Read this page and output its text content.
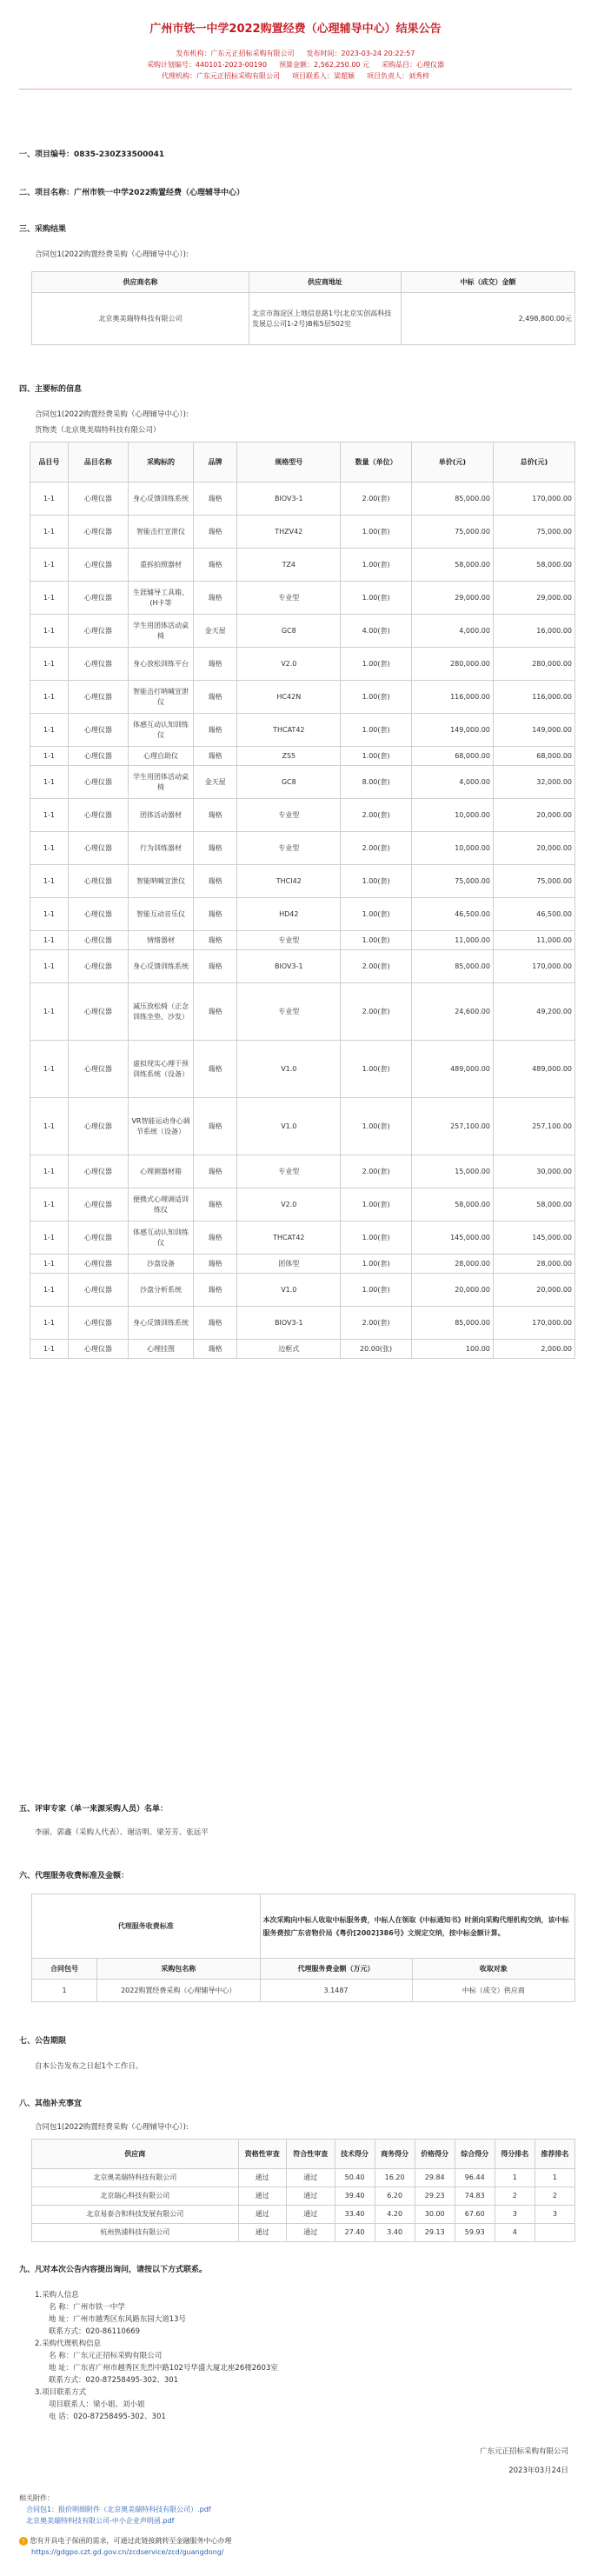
广州市铁一中学2022购置经费（心理辅导中心）结果公告
发布机构：广东元正招标采购有限公司 发布时间：2023-03-24 20:22:57
采购计划编号：440101-2023-00190 预算金额：2,562,250.00 元 采购品目：心理仪器
代理机构：广东元正招标采购有限公司 项目联系人：梁超颖 项目负责人：刘秀梓
一、项目编号：0835-230Z33500041
二、项目名称：广州市铁一中学2022购置经费（心理辅导中心）
三、采购结果
合同包1(2022购置经费采购（心理辅导中心）):
供应商名称	供应商地址	中标（成交）金额
北京奥美瑞特科技有限公司	北京市海淀区上地信息路1号(北京实创高科技发展总公司1-2号)B栋5层502室	2,498,800.00元
四、主要标的信息
合同包1(2022购置经费采购（心理辅导中心）):
货物类（北京奥美瑞特科技有限公司）
品目号	品目名称	采购标的	品牌	规格型号	数量（单位）	单价(元)	总价(元)
1-1	心理仪器	身心反馈训练系统	瑞格	BIOV3-1	2.00(套)	85,000.00	170,000.00
1-1	心理仪器	智能击打宣泄仪	瑞格	THZV42	1.00(套)	75,000.00	75,000.00
1-1	心理仪器	重拆拍照器材	瑞格	TZ4	1.00(套)	58,000.00	58,000.00
1-1	心理仪器	生涯辅导工具箱、(H卡等	瑞格	专业型	1.00(套)	29,000.00	29,000.00
1-1	心理仪器	学生用团体活动桌 椅	金天屋	GC8	4.00(套)	4,000.00	16,000.00
1-1	心理仪器	身心放松训练平台	瑞格	V2.0	1.00(套)	280,000.00	280,000.00
1-1	心理仪器	智能击打呐喊宣泄仪	瑞格	HC42N	1.00(套)	116,000.00	116,000.00
1-1	心理仪器	体感互动认知训练 仪	瑞格	THCAT42	1.00(套)	149,000.00	149,000.00
1-1	心理仪器	心理自助仪	瑞格	ZS5	1.00(套)	68,000.00	68,000.00
1-1	心理仪器	学生用团体活动桌 椅	金天屋	GC8	8.00(套)	4,000.00	32,000.00
1-1	心理仪器	团体活动器材	瑞格	专业型	2.00(套)	10,000.00	20,000.00
1-1	心理仪器	行为训练器材	瑞格	专业型	2.00(套)	10,000.00	20,000.00
1-1	心理仪器	智能呐喊宣泄仪	瑞格	THCI42	1.00(套)	75,000.00	75,000.00
1-1	心理仪器	智能互动音乐仪	瑞格	HD42	1.00(套)	46,500.00	46,500.00
1-1	心理仪器	情绪器材	瑞格	专业型	1.00(套)	11,000.00	11,000.00
1-1	心理仪器	身心反馈训练系统	瑞格	BIOV3-1	2.00(套)	85,000.00	170,000.00
1-1	心理仪器	减压放松椅（正念 训练坐垫、沙发）	瑞格	专业型	2.00(套)	24,600.00	49,200.00
1-1	心理仪器	虚拟现实心理干预 训练系统（设备）	瑞格	V1.0	1.00(套)	489,000.00	489,000.00
1-1	心理仪器	VR智能运动身心调 节系统（设备）	瑞格	V1.0	1.00(套)	257,100.00	257,100.00
1-1	心理仪器	心理测器材箱	瑞格	专业型	2.00(套)	15,000.00	30,000.00
1-1	心理仪器	便携式心理调适训 练仪	瑞格	V2.0	1.00(套)	58,000.00	58,000.00
1-1	心理仪器	体感互动认知训练 仪	瑞格	THCAT42	1.00(套)	145,000.00	145,000.00
1-1	心理仪器	沙盘设备	瑞格	团体型	1.00(套)	28,000.00	28,000.00
1-1	心理仪器	沙盘分析系统	瑞格	V1.0	1.00(套)	20,000.00	20,000.00
1-1	心理仪器	身心反馈训练系统	瑞格	BIOV3-1	2.00(套)	85,000.00	170,000.00
1-1	心理仪器	心理挂图	瑞格	边框式	20.00(张)	100.00	2,000.00
五、评审专家（单一来源采购人员）名单：
李丽、郭鑫（采购人代表）、谢洁明、梁芳芳、张远平
六、代理服务收费标准及金额：
代理服务收费标准		本次采购向中标人收取中标服务费，中标人在领取《中标通知书》时须向采购代理机构交纳，该中标服务费按广东省物价局《粤价[2002]386号》文规定交纳，按中标金额计算。	
合同包号	采购包名称	代理服务费金额（万元）	收取对象
1	2022购置经费采购（心理辅导中心）	3.1487	中标（成交）供应商
七、公告期限
自本公告发布之日起1个工作日。
八、其他补充事宜
合同包1(2022购置经费采购（心理辅导中心）):
供应商	资格性审查	符合性审查	技术得分	商务得分	价格得分	综合得分	得分排名	推荐排名
北京奥美瑞特科技有限公司	通过	通过	50.40	16.20	29.84	96.44	1	1
北京瑞心科技有限公司	通过	通过	39.40	6.20	29.23	74.83	2	2
北京易泰合和科技发展有限公司	通过	通过	33.40	4.20	30.00	67.60	3	3
杭州热浦科技有限公司	通过	通过	27.40	3.40	29.13	59.93	4	
九、凡对本次公告内容提出询问，请按以下方式联系。
1.采购人信息
名 称：广州市铁一中学
地 址：广州市越秀区东风路东园大道13号
联系方式：020-86110669
2.采购代理机构信息
名 称：广东元正招标采购有限公司
地 址：广东省广州市越秀区先烈中路102号华盛大厦北座26楼2603室
联系方式：020-87258495-302、301
3.项目联系方式
项目联系人：梁小姐、刘小姐
电 话：020-87258495-302、301
广东元正招标采购有限公司
2023年03月24日
相关附件：
合同包1：报价明细附件（北京奥美瑞特科技有限公司）.pdf
北京奥美瑞特科技有限公司-中小企业声明函.pdf
! 您有开具电子保函的需求，可通过此链接跳转至金融服务中心办理
https://gdgpo.czt.gd.gov.cn/zcdservice/zcd/guangdong/
